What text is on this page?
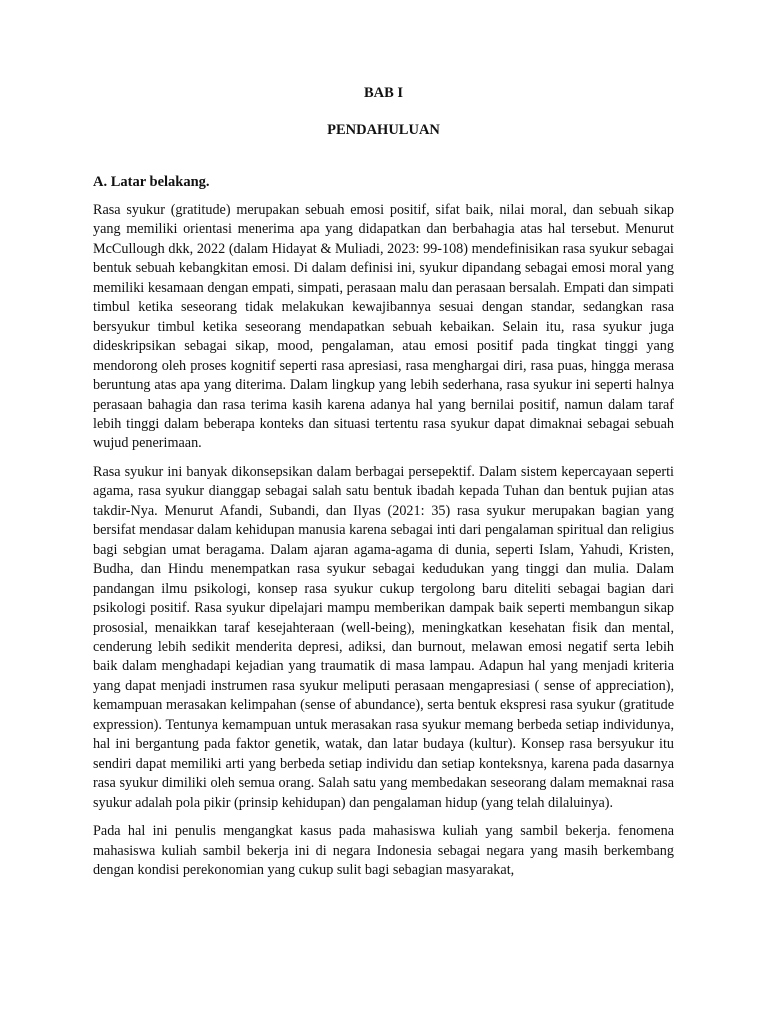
BAB I

PENDAHULUAN

A. Latar belakang.

Rasa syukur (gratitude) merupakan sebuah emosi positif, sifat baik, nilai moral, dan sebuah sikap yang memiliki orientasi menerima apa yang didapatkan dan berbahagia atas hal tersebut. Menurut McCullough dkk, 2022 (dalam Hidayat & Muliadi, 2023: 99-108) mendefinisikan rasa syukur sebagai bentuk sebuah kebangkitan emosi. Di dalam definisi ini, syukur dipandang sebagai emosi moral yang memiliki kesamaan dengan empati, simpati, perasaan malu dan perasaan bersalah. Empati dan simpati timbul ketika seseorang tidak melakukan kewajibannya sesuai dengan standar, sedangkan rasa bersyukur timbul ketika seseorang mendapatkan sebuah kebaikan. Selain itu, rasa syukur juga dideskripsikan sebagai sikap, mood, pengalaman, atau emosi positif pada tingkat tinggi yang mendorong oleh proses kognitif seperti rasa apresiasi, rasa menghargai diri, rasa puas, hingga merasa beruntung atas apa yang diterima. Dalam lingkup yang lebih sederhana, rasa syukur ini seperti halnya perasaan bahagia dan rasa terima kasih karena adanya hal yang bernilai positif, namun dalam taraf lebih tinggi dalam beberapa konteks dan situasi tertentu rasa syukur dapat dimaknai sebagai sebuah wujud penerimaan.

Rasa syukur ini banyak dikonsepsikan dalam berbagai persepektif. Dalam sistem kepercayaan seperti agama, rasa syukur dianggap sebagai salah satu bentuk ibadah kepada Tuhan dan bentuk pujian atas takdir-Nya. Menurut Afandi, Subandi, dan Ilyas (2021: 35) rasa syukur merupakan bagian yang bersifat mendasar dalam kehidupan manusia karena sebagai inti dari pengalaman spiritual dan religius bagi sebgian umat beragama. Dalam ajaran agama-agama di dunia, seperti Islam, Yahudi, Kristen, Budha, dan Hindu menempatkan rasa syukur sebagai kedudukan yang tinggi dan mulia. Dalam pandangan ilmu psikologi, konsep rasa syukur cukup tergolong baru diteliti sebagai bagian dari psikologi positif. Rasa syukur dipelajari mampu memberikan dampak baik seperti membangun sikap prososial, menaikkan taraf kesejahteraan (well-being), meningkatkan kesehatan fisik dan mental, cenderung lebih sedikit menderita depresi, adiksi, dan burnout, melawan emosi negatif serta lebih baik dalam menghadapi kejadian yang traumatik di masa lampau. Adapun hal yang menjadi kriteria yang dapat menjadi instrumen rasa syukur meliputi perasaan mengapresiasi ( sense of appreciation), kemampuan merasakan kelimpahan (sense of abundance), serta bentuk ekspresi rasa syukur (gratitude expression). Tentunya kemampuan untuk merasakan rasa syukur memang berbeda setiap individunya, hal ini bergantung pada faktor genetik, watak, dan latar budaya (kultur). Konsep rasa bersyukur itu sendiri dapat memiliki arti yang berbeda setiap individu dan setiap konteksnya, karena pada dasarnya rasa syukur dimiliki oleh semua orang. Salah satu yang membedakan seseorang dalam memaknai rasa syukur adalah pola pikir (prinsip kehidupan) dan pengalaman hidup (yang telah dilaluinya).

Pada hal ini penulis mengangkat kasus pada mahasiswa kuliah yang sambil bekerja. fenomena mahasiswa kuliah sambil bekerja ini di negara Indonesia sebagai negara yang masih berkembang dengan kondisi perekonomian yang cukup sulit bagi sebagian masyarakat,
